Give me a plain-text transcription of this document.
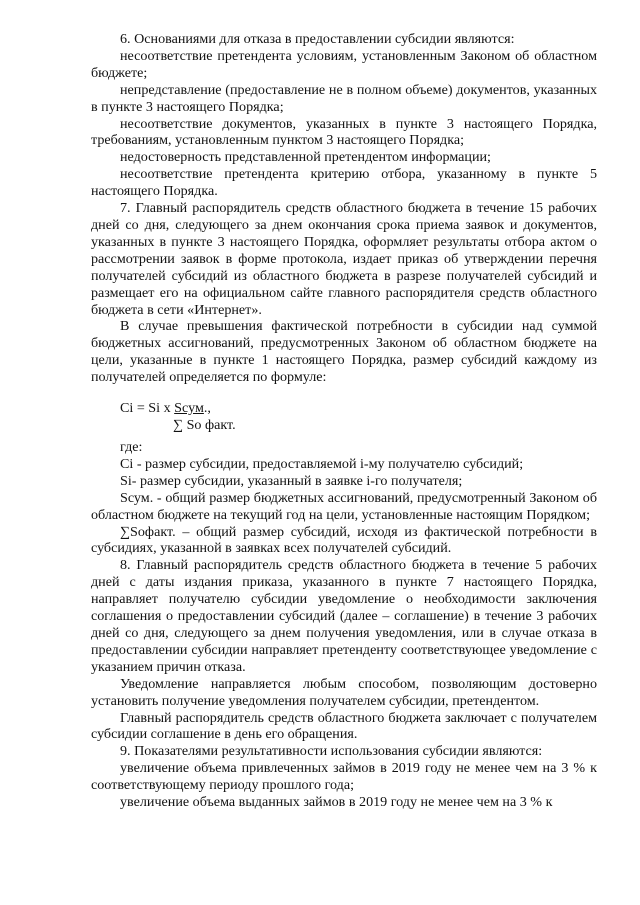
6. Основаниями для отказа в предоставлении субсидии являются:

несоответствие претендента условиям, установленным Законом об областном бюджете;

непредставление (предоставление не в полном объеме) документов, указанных в пункте 3 настоящего Порядка;

несоответствие документов, указанных в пункте 3 настоящего Порядка, требованиям, установленным пунктом 3 настоящего Порядка;

недостоверность представленной претендентом информации;

несоответствие претендента критерию отбора, указанному в пункте 5 настоящего Порядка.

7. Главный распорядитель средств областного бюджета в течение 15 рабочих дней со дня, следующего за днем окончания срока приема заявок и документов, указанных в пункте 3 настоящего Порядка, оформляет результаты отбора актом о рассмотрении заявок в форме протокола, издает приказ об утверждении перечня получателей субсидий из областного бюджета в разрезе получателей субсидий и размещает его на официальном сайте главного распорядителя средств областного бюджета в сети «Интернет».

В случае превышения фактической потребности в субсидии над суммой бюджетных ассигнований, предусмотренных Законом об областном бюджете на цели, указанные в пункте 1 настоящего Порядка, размер субсидий каждому из получателей определяется по формуле:

Ci = Si x Sсум.,
∑ So факт.
где:

Ci - размер субсидии, предоставляемой i-му получателю субсидий;

Si- размер субсидии, указанный в заявке i-го получателя;

Sсум. - общий размер бюджетных ассигнований, предусмотренный Законом об областном бюджете на текущий год на цели, установленные настоящим Порядком;

∑Soфакт. – общий размер субсидий, исходя из фактической потребности в субсидиях, указанной в заявках всех получателей субсидий.

8. Главный распорядитель средств областного бюджета в течение 5 рабочих дней с даты издания приказа, указанного в пункте 7 настоящего Порядка, направляет получателю субсидии уведомление о необходимости заключения соглашения о предоставлении субсидий (далее – соглашение) в течение 3 рабочих дней со дня, следующего за днем получения уведомления, или в случае отказа в предоставлении субсидии направляет претенденту соответствующее уведомление с указанием причин отказа.

Уведомление направляется любым способом, позволяющим достоверно установить получение уведомления получателем субсидии, претендентом.

Главный распорядитель средств областного бюджета заключает с получателем субсидии соглашение в день его обращения.

9. Показателями результативности использования субсидии являются:

увеличение объема привлеченных займов в 2019 году не менее чем на 3 % к соответствующему периоду прошлого года;

увеличение объема выданных займов в 2019 году не менее чем на 3 % к
